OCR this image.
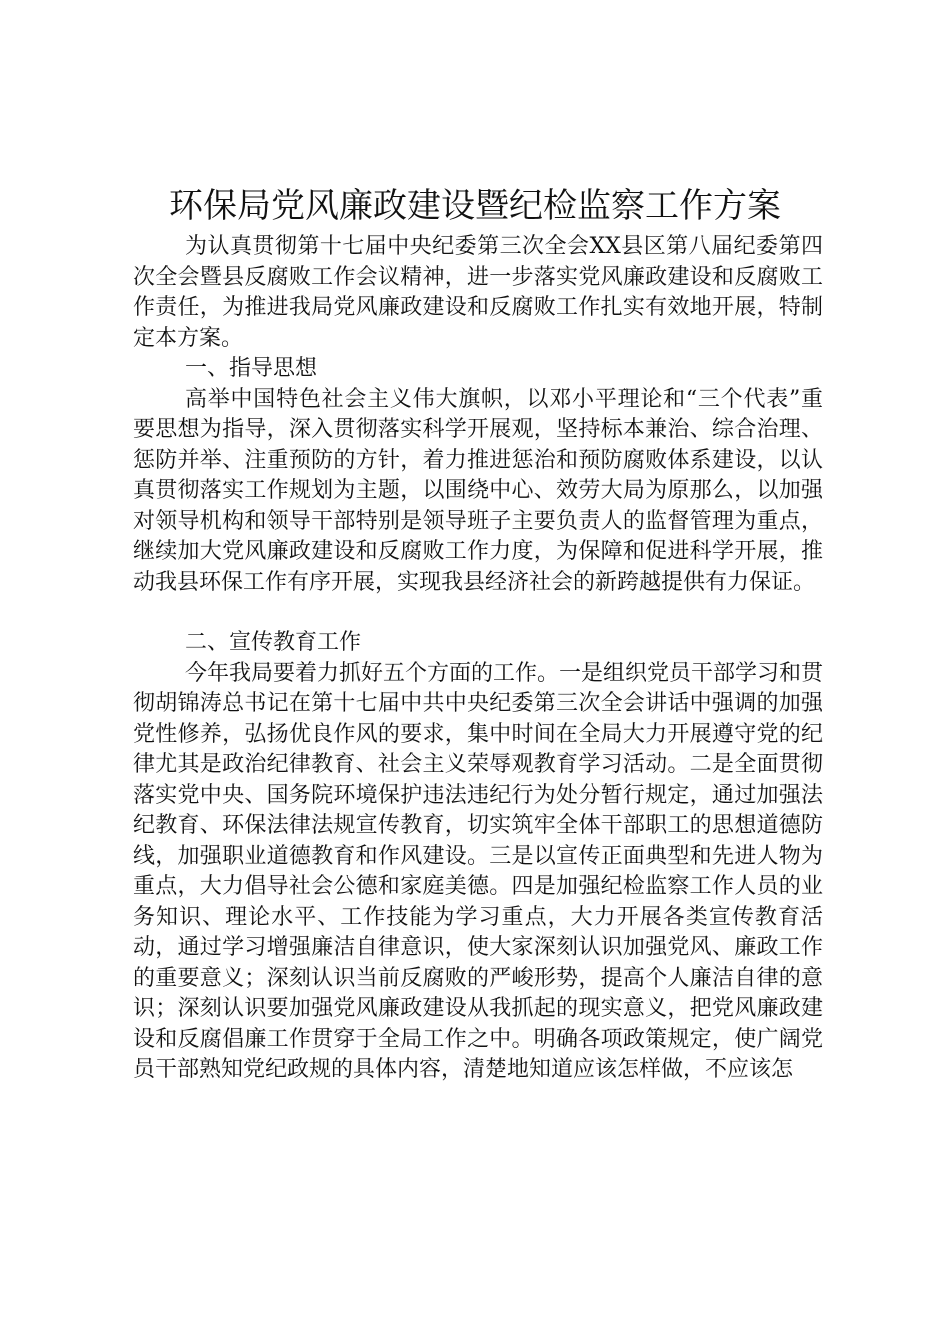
环保局党风廉政建设暨纪检监察工作方案

为认真贯彻第十七届中央纪委第三次全会XX县区第八届纪委第四次全会暨县反腐败工作会议精神，进一步落实党风廉政建设和反腐败工作责任，为推进我局党风廉政建设和反腐败工作扎实有效地开展，特制定本方案。

一、指导思想

高举中国特色社会主义伟大旗帜，以邓小平理论和“三个代表”重要思想为指导，深入贯彻落实科学开展观，坚持标本兼治、综合治理、惩防并举、注重预防的方针，着力推进惩治和预防腐败体系建设，以认真贯彻落实工作规划为主题，以围绕中心、效劳大局为原那么，以加强对领导机构和领导干部特别是领导班子主要负责人的监督管理为重点，继续加大党风廉政建设和反腐败工作力度，为保障和促进科学开展，推动我县环保工作有序开展，实现我县经济社会的新跨越提供有力保证。

二、宣传教育工作

今年我局要着力抓好五个方面的工作。一是组织党员干部学习和贯彻胡锦涛总书记在第十七届中共中央纪委第三次全会讲话中强调的加强党性修养，弘扬优良作风的要求，集中时间在全局大力开展遵守党的纪律尤其是政治纪律教育、社会主义荣辱观教育学习活动。二是全面贯彻落实党中央、国务院环境保护违法违纪行为处分暂行规定，通过加强法纪教育、环保法律法规宣传教育，切实筑牢全体干部职工的思想道德防线，加强职业道德教育和作风建设。三是以宣传正面典型和先进人物为重点，大力倡导社会公德和家庭美德。四是加强纪检监察工作人员的业务知识、理论水平、工作技能为学习重点，大力开展各类宣传教育活动，通过学习增强廉洁自律意识，使大家深刻认识加强党风、廉政工作的重要意义；深刻认识当前反腐败的严峻形势，提高个人廉洁自律的意识；深刻认识要加强党风廉政建设从我抓起的现实意义，把党风廉政建设和反腐倡廉工作贯穿于全局工作之中。明确各项政策规定，使广阔党员干部熟知党纪政规的具体内容，清楚地知道应该怎样做，不应该怎
